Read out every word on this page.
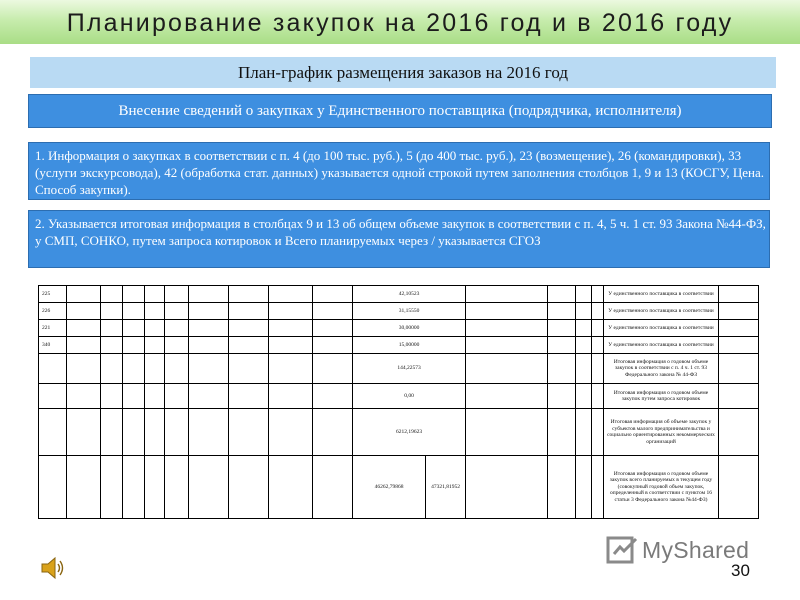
Планирование закупок на 2016 год и в 2016 году
План-график размещения заказов на 2016 год
Внесение сведений о закупках у Единственного поставщика (подрядчика, исполнителя)
1. Информация о закупках в соответствии с п. 4 (до 100 тыс. руб.), 5 (до 400 тыс. руб.), 23 (возмещение), 26 (командировки), 33 (услуги экскурсовода), 42 (обработка стат. данных) указывается одной строкой путем заполнения столбцов 1, 9 и 13 (КОСГУ, Цена. Способ закупки).
2. Указывается итоговая информация в столбцах 9 и 13 об общем объеме закупок в соответствии с п. 4, 5 ч. 1 ст. 93 Закона №44-ФЗ, у СМП, СОНКО, путем запроса котировок и Всего планируемых через / указывается СГОЗ
225										42,10523						У единственного поставщика в соответствии	
226										31,15550						У единственного поставщика в соответствии	
221										30,00000						У единственного поставщика в соответствии	
340										15,00000						У единственного поставщика в соответствии	
										144,22573						Итоговая информация о годовом объеме закупок в соответствии с п. 4 ч. 1 ст. 93 Федерального закона № 44-ФЗ	
										0,00						Итоговая информация о годовом объеме закупок путем запроса котировок	
										6212,19623						Итоговая информация об объеме закупок у субъектов малого предпринимательства и социально ориентированных некоммерческих организаций	
										46262,79868	47321,81952					Итоговая информация о годовом объеме закупок всего планируемых в текущем году (совокупный годовой объем закупок, определенный в соответствии с пунктом 16 статьи 3 Федерального закона №44-ФЗ)	
MyShared
30
